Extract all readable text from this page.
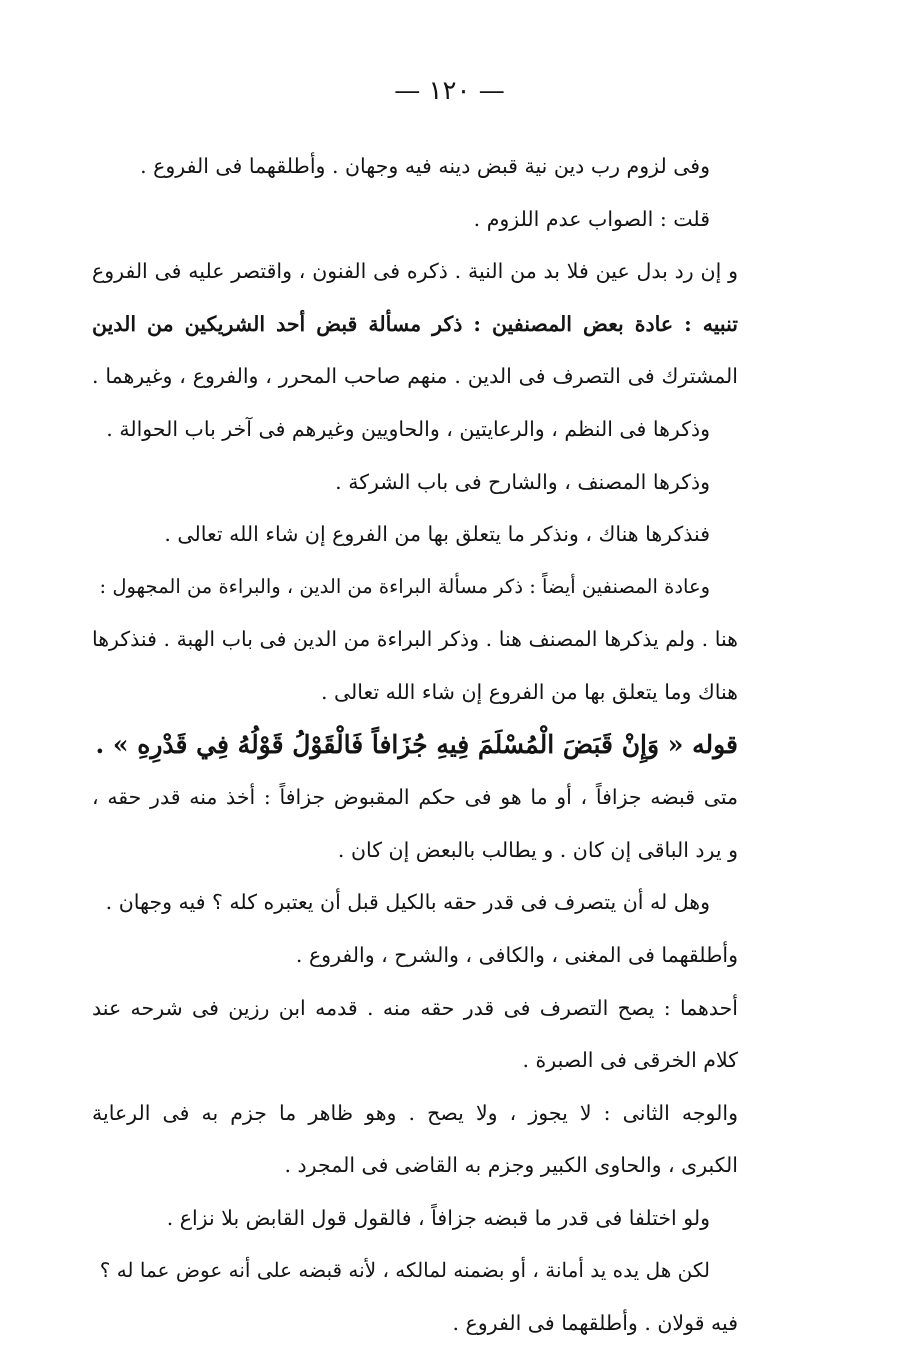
— ١٢٠ —
وفى لزوم رب دين نية قبض دينه فيه وجهان . وأطلقهما فى الفروع .
قلت : الصواب عدم اللزوم .
و إن رد بدل عين فلا بد من النية . ذكره فى الفنون ، واقتصر عليه فى الفروع
تنبيه : عادة بعض المصنفين : ذكر مسألة قبض أحد الشريكين من الدين
المشترك فى التصرف فى الدين . منهم صاحب المحرر ، والفروع ، وغيرهما .
وذكرها فى النظم ، والرعايتين ، والحاويين وغيرهم فى آخر باب الحوالة .
وذكرها المصنف ، والشارح فى باب الشركة .
فنذكرها هناك ، ونذكر ما يتعلق بها من الفروع إن شاء الله تعالى .
وعادة المصنفين أيضاً : ذكر مسألة البراءة من الدين ، والبراءة من المجهول :
هنا . ولم يذكرها المصنف هنا . وذكر البراءة من الدين فى باب الهبة . فنذكرها
هناك وما يتعلق بها من الفروع إن شاء الله تعالى .
قوله « وَإِنْ قَبَضَ الْمُسْلَمَ فِيهِ جُزَافاً فَالْقَوْلُ قَوْلُهُ فِي قَدْرِهِ » .
متى قبضه جزافاً ، أو ما هو فى حكم المقبوض جزافاً : أخذ منه قدر حقه ،
و يرد الباقى إن كان . و يطالب بالبعض إن كان .
وهل له أن يتصرف فى قدر حقه بالكيل قبل أن يعتبره كله ؟ فيه وجهان .
وأطلقهما فى المغنى ، والكافى ، والشرح ، والفروع .
أحدهما : يصح التصرف فى قدر حقه منه . قدمه ابن رزين فى شرحه عند
كلام الخرقى فى الصبرة .
والوجه الثانى : لا يجوز ، ولا يصح . وهو ظاهر ما جزم به فى الرعاية
الكبرى ، والحاوى الكبير وجزم به القاضى فى المجرد .
ولو اختلفا فى قدر ما قبضه جزافاً ، فالقول قول القابض بلا نزاع .
لكن هل يده يد أمانة ، أو بضمنه لمالكه ، لأنه قبضه على أنه عوض عما له ؟
فيه قولان . وأطلقهما فى الفروع .
